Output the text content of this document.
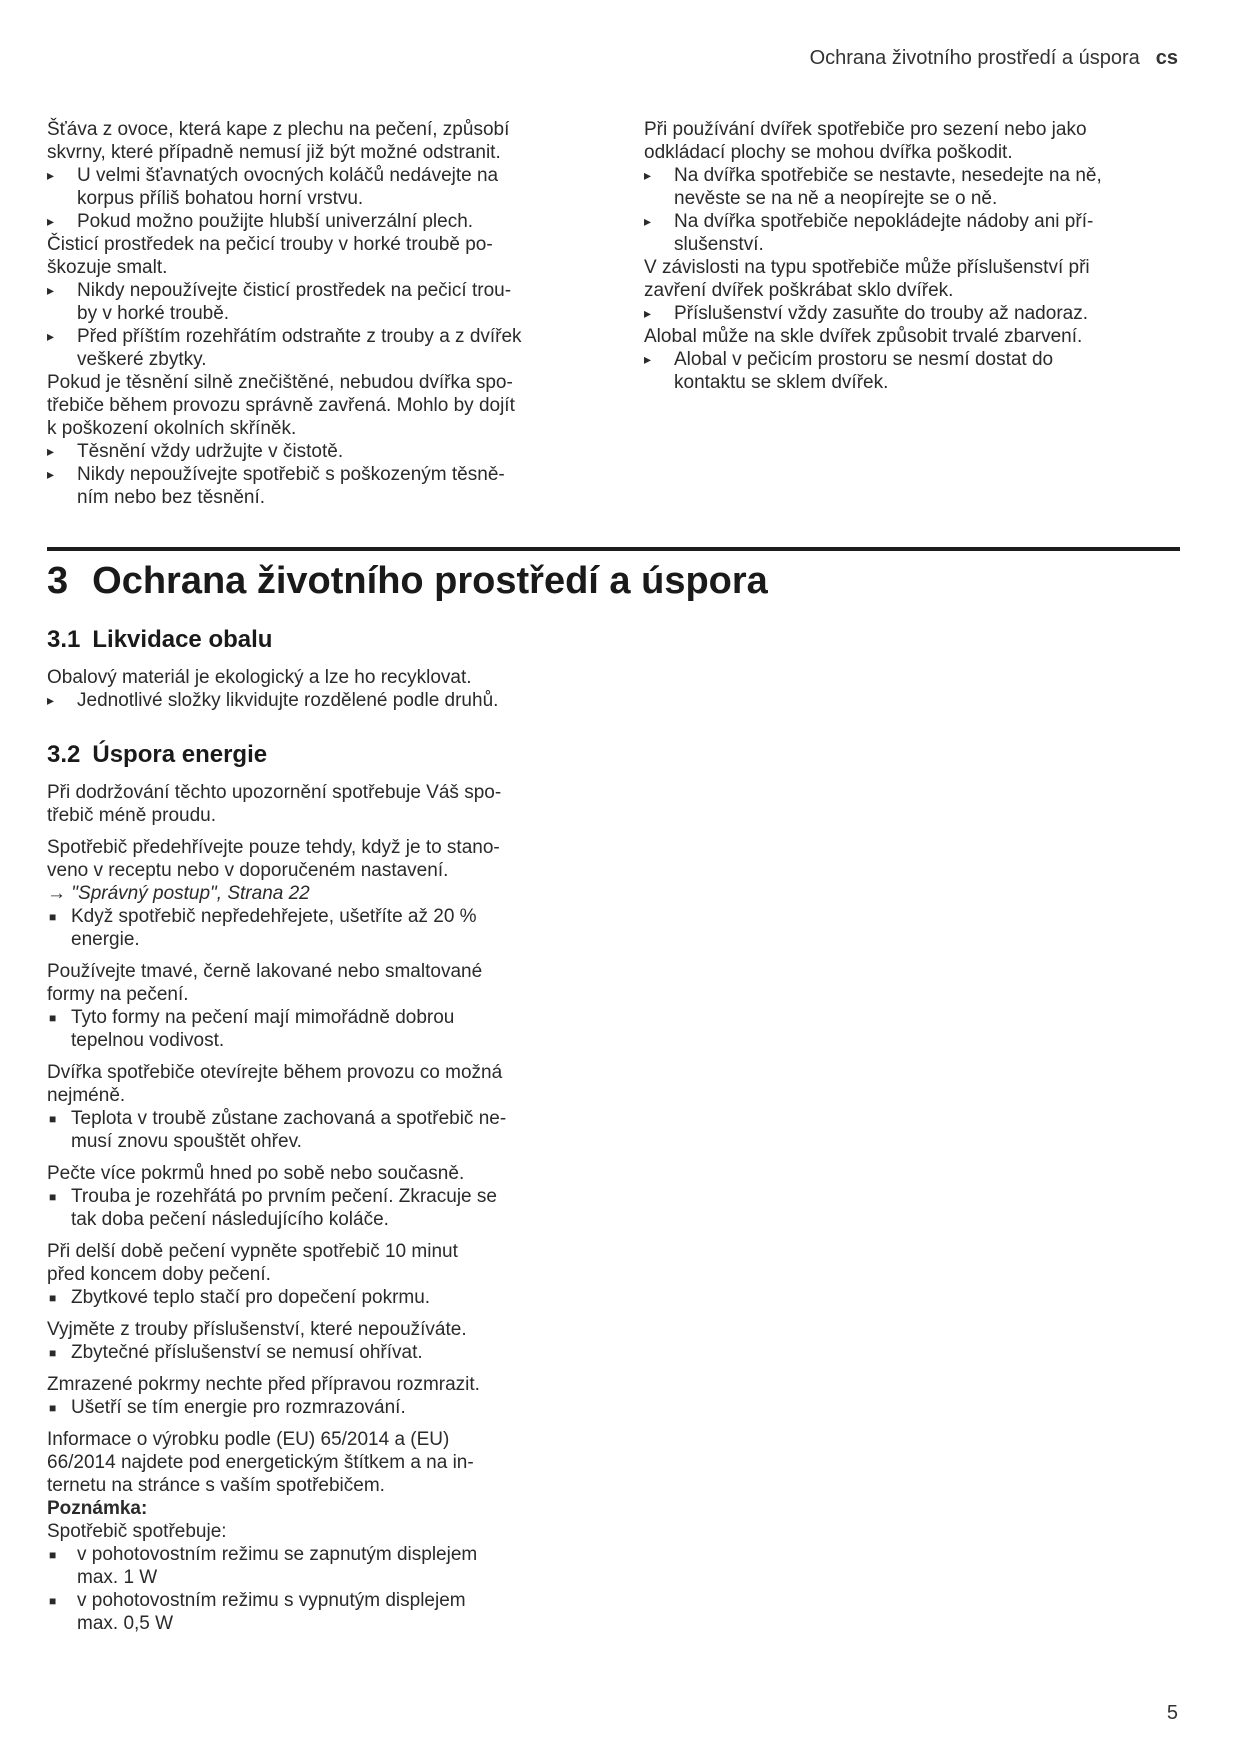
Ochrana životního prostředí a úspora cs
Šťáva z ovoce, která kape z plechu na pečení, způsobí
skvrny, které případně nemusí již být možné odstranit.
▸ U velmi šťavnatých ovocných koláčů nedávejte na
korpus příliš bohatou horní vrstvu.
▸ Pokud možno použijte hlubší univerzální plech.
Čisticí prostředek na pečicí trouby v horké troubě po-
škozuje smalt.
▸ Nikdy nepoužívejte čisticí prostředek na pečicí trou-
by v horké troubě.
▸ Před příštím rozehřátím odstraňte z trouby a z dvířek
veškeré zbytky.
Pokud je těsnění silně znečištěné, nebudou dvířka spo-
třebiče během provozu správně zavřená. Mohlo by dojít
k poškození okolních skříněk.
▸ Těsnění vždy udržujte v čistotě.
▸ Nikdy nepoužívejte spotřebič s poškozeným těsně-
ním nebo bez těsnění.
Při používání dvířek spotřebiče pro sezení nebo jako
odkládací plochy se mohou dvířka poškodit.
▸ Na dvířka spotřebiče se nestavte, nesedejte na ně,
nevěste se na ně a neopírejte se o ně.
▸ Na dvířka spotřebiče nepokládejte nádoby ani pří-
slušenství.
V závislosti na typu spotřebiče může příslušenství při
zavření dvířek poškrábat sklo dvířek.
▸ Příslušenství vždy zasuňte do trouby až nadoraz.
Alobal může na skle dvířek způsobit trvalé zbarvení.
▸ Alobal v pečicím prostoru se nesmí dostat do
kontaktu se sklem dvířek.
3 Ochrana životního prostředí a úspora
3.1 Likvidace obalu
Obalový materiál je ekologický a lze ho recyklovat.
▸ Jednotlivé složky likvidujte rozdělené podle druhů.
3.2 Úspora energie
Při dodržování těchto upozornění spotřebuje Váš spo-
třebič méně proudu.
Spotřebič předehřívejte pouze tehdy, když je to stano-
veno v receptu nebo v doporučeném nastavení.
→ "Správný postup", Strana 22
■ Když spotřebič nepředehřejete, ušetříte až 20 %
energie.
Používejte tmavé, černě lakované nebo smaltované
formy na pečení.
■ Tyto formy na pečení mají mimořádně dobrou
tepelnou vodivost.
Dvířka spotřebiče otevírejte během provozu co možná
nejméně.
■ Teplota v troubě zůstane zachovaná a spotřebič ne-
musí znovu spouštět ohřev.
Pečte více pokrmů hned po sobě nebo současně.
■ Trouba je rozehřátá po prvním pečení. Zkracuje se
tak doba pečení následujícího koláče.
Při delší době pečení vypněte spotřebič 10 minut
před koncem doby pečení.
■ Zbytkové teplo stačí pro dopečení pokrmu.
Vyjměte z trouby příslušenství, které nepoužíváte.
■ Zbytečné příslušenství se nemusí ohřívat.
Zmrazené pokrmy nechte před přípravou rozmrazit.
■ Ušetří se tím energie pro rozmrazování.
Informace o výrobku podle (EU) 65/2014 a (EU)
66/2014 najdete pod energetickým štítkem a na in-
ternetu na stránce s vaším spotřebičem.
Poznámka:
Spotřebič spotřebuje:
■ v pohotovostním režimu se zapnutým displejem
max. 1 W
■ v pohotovostním režimu s vypnutým displejem
max. 0,5 W
5
